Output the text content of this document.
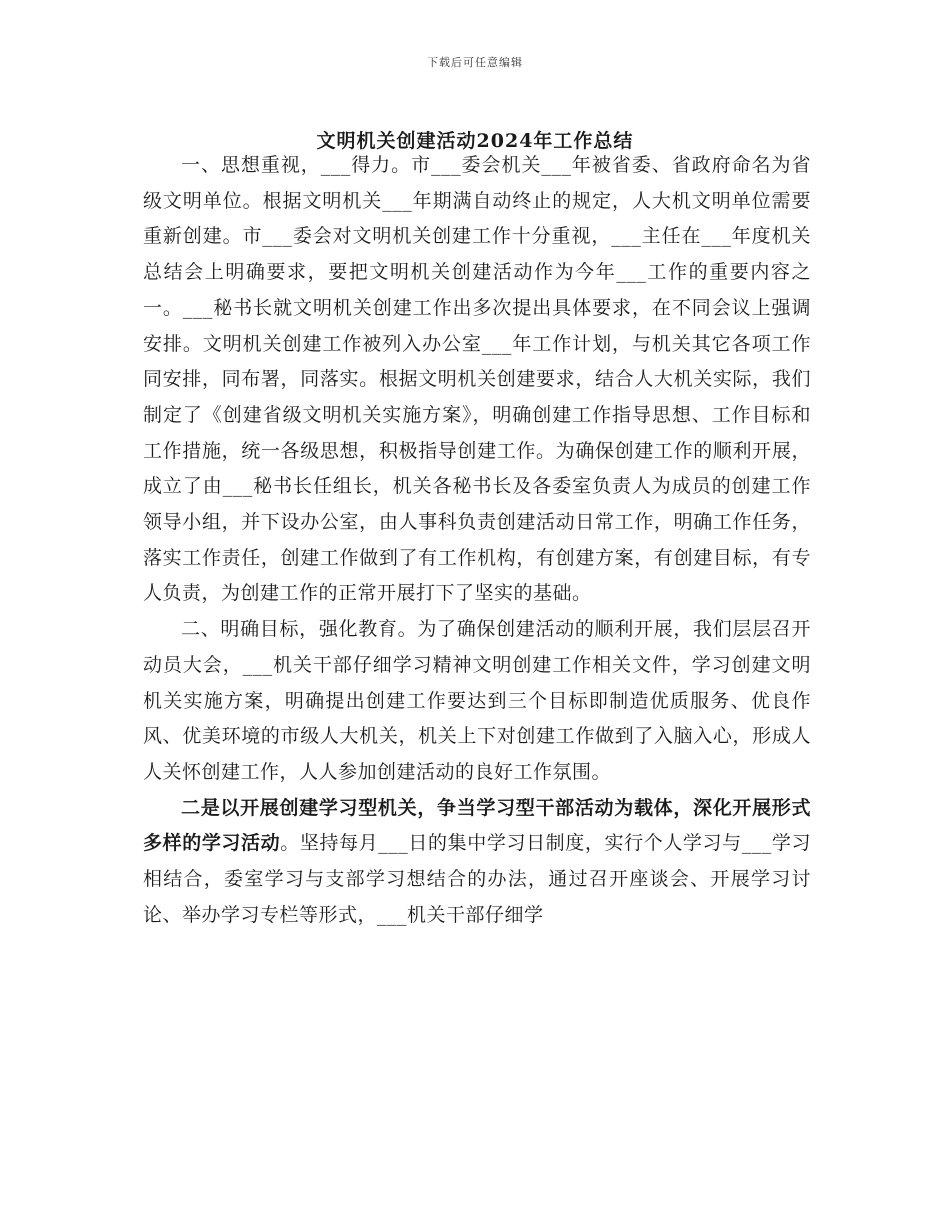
下载后可任意编辑
文明机关创建活动2024年工作总结

一、思想重视，___得力。市___委会机关___年被省委、省政府命名为省级文明单位。根据文明机关___年期满自动终止的规定，人大机文明单位需要重新创建。市___委会对文明机关创建工作十分重视，___主任在___年度机关总结会上明确要求，要把文明机关创建活动作为今年___工作的重要内容之一。___秘书长就文明机关创建工作出多次提出具体要求，在不同会议上强调安排。文明机关创建工作被列入办公室___年工作计划，与机关其它各项工作同安排，同布署，同落实。根据文明机关创建要求，结合人大机关实际，我们制定了《创建省级文明机关实施方案》，明确创建工作指导思想、工作目标和工作措施，统一各级思想，积极指导创建工作。为确保创建工作的顺利开展，成立了由___秘书长任组长，机关各秘书长及各委室负责人为成员的创建工作领导小组，并下设办公室，由人事科负责创建活动日常工作，明确工作任务，落实工作责任，创建工作做到了有工作机构，有创建方案，有创建目标，有专人负责，为创建工作的正常开展打下了坚实的基础。

二、明确目标，强化教育。为了确保创建活动的顺利开展，我们层层召开动员大会，___机关干部仔细学习精神文明创建工作相关文件，学习创建文明机关实施方案，明确提出创建工作要达到三个目标即制造优质服务、优良作风、优美环境的市级人大机关，机关上下对创建工作做到了入脑入心，形成人人关怀创建工作，人人参加创建活动的良好工作氛围。

二是以开展创建学习型机关，争当学习型干部活动为载体，深化开展形式多样的学习活动。坚持每月___日的集中学习日制度，实行个人学习与___学习相结合，委室学习与支部学习想结合的办法，通过召开座谈会、开展学习讨论、举办学习专栏等形式，___机关干部仔细学
